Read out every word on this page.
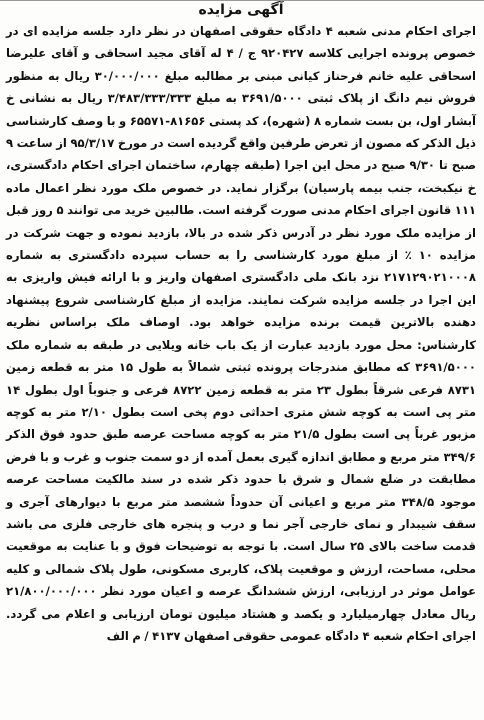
آگهی مزایده

اجرای احکام مدنی شعبه ۴ دادگاه حقوقی اصفهان در نظر دارد جلسه مزایده ای در خصوص پرونده اجرایی کلاسه ۹۲۰۴۲۷ ج / ۴ له آقای مجید اسحاقی و آقای علیرضا اسحاقی علیه خانم فرحناز کیانی مبنی بر مطالبه مبلغ ۳۰/۰۰۰/۰۰۰ ریال به منظور فروش نیم دانگ از پلاک ثبتی ۳۶۹۱/۵۰۰۰ به مبلغ ۳/۴۸۳/۳۳۳/۳۳۳ ریال به نشانی خ آبشار اول، بن بست شماره ۸ (شهره)، کد پستی ۸۱۶۵۶-۶۵۵۷۱ و با وصف کارشناسی ذیل الذکر که مصون از تعرض طرفین واقع گردیده است در مورخ ۹۵/۳/۱۷ از ساعت ۹ صبح تا ۹/۳۰ صبح در محل این اجرا (طبقه چهارم، ساختمان اجرای احکام دادگستری، خ نیکبخت، جنب بیمه پارسیان) برگزار نماید. در خصوص ملک مورد نظر اعمال ماده ۱۱۱ قانون اجرای احکام مدنی صورت گرفته است. طالبین خرید می توانند ۵ روز قبل از مزایده ملک مورد نظر در آدرس ذکر شده در بالا، بازدید نموده و جهت شرکت در مزایده ۱۰ ٪ از مبلغ مورد کارشناسی را به حساب سپرده دادگستری به شماره ۲۱۷۱۲۹۰۲۱۰۰۰۸ نزد بانک ملی دادگستری اصفهان واریز و با ارائه فیش واریزی به این اجرا در جلسه مزایده شرکت نمایند. مزایده از مبلغ کارشناسی شروع پیشنهاد دهنده بالاترین قیمت برنده مزایده خواهد بود. اوصاف ملک براساس نظریه کارشناس: محل مورد بازدید عبارت از یک باب خانه ویلایی در طبقه به شماره ملک ۳۶۹۱/۵۰۰۰ که مطابق مندرجات پرونده ثبتی شمالاً به طول ۱۵ متر به قطعه زمین ۸۷۳۱ فرعی شرقاً بطول ۲۳ متر به قطعه زمین ۸۷۲۲ فرعی و جنوباً اول بطول ۱۴ متر پی است به کوچه شش متری احداثی دوم پخی است بطول ۲/۱۰ متر به کوچه مزبور غرباً پی است بطول ۲۱/۵ متر به کوچه مساحت عرصه طبق حدود فوق الذکر ۳۴۹/۶ متر مربع و مطابق اندازه گیری بعمل آمده از دو سمت جنوب و غرب و با فرض مطابقت در ضلع شمال و شرق با حدود ذکر شده در سند مالکیت مساحت عرصه موجود ۳۴۸/۵ متر مربع و اعیانی آن حدوداً ششصد متر مربع با دیوارهای آجری و سقف شیبدار و نمای خارجی آجر نما و درب و پنجره های خارجی فلزی می باشد قدمت ساخت بالای ۲۵ سال است. با توجه به توضیحات فوق و با عنایت به موقعیت محلی، مساحت، ارزش و موقعیت پلاک، کاربری مسکونی، طول پلاک شمالی و کلیه عوامل موثر در ارزیابی، ارزش ششدانگ عرصه و اعیان مورد نظر ۲۱/۸۰۰/۰۰۰/۰۰۰ ریال معادل چهارمیلیارد و یکصد و هشتاد میلیون تومان ارزیابی و اعلام می گردد. اجرای احکام شعبه ۴ دادگاه عمومی حقوقی اصفهان ۴۱۳۷ / م الف
